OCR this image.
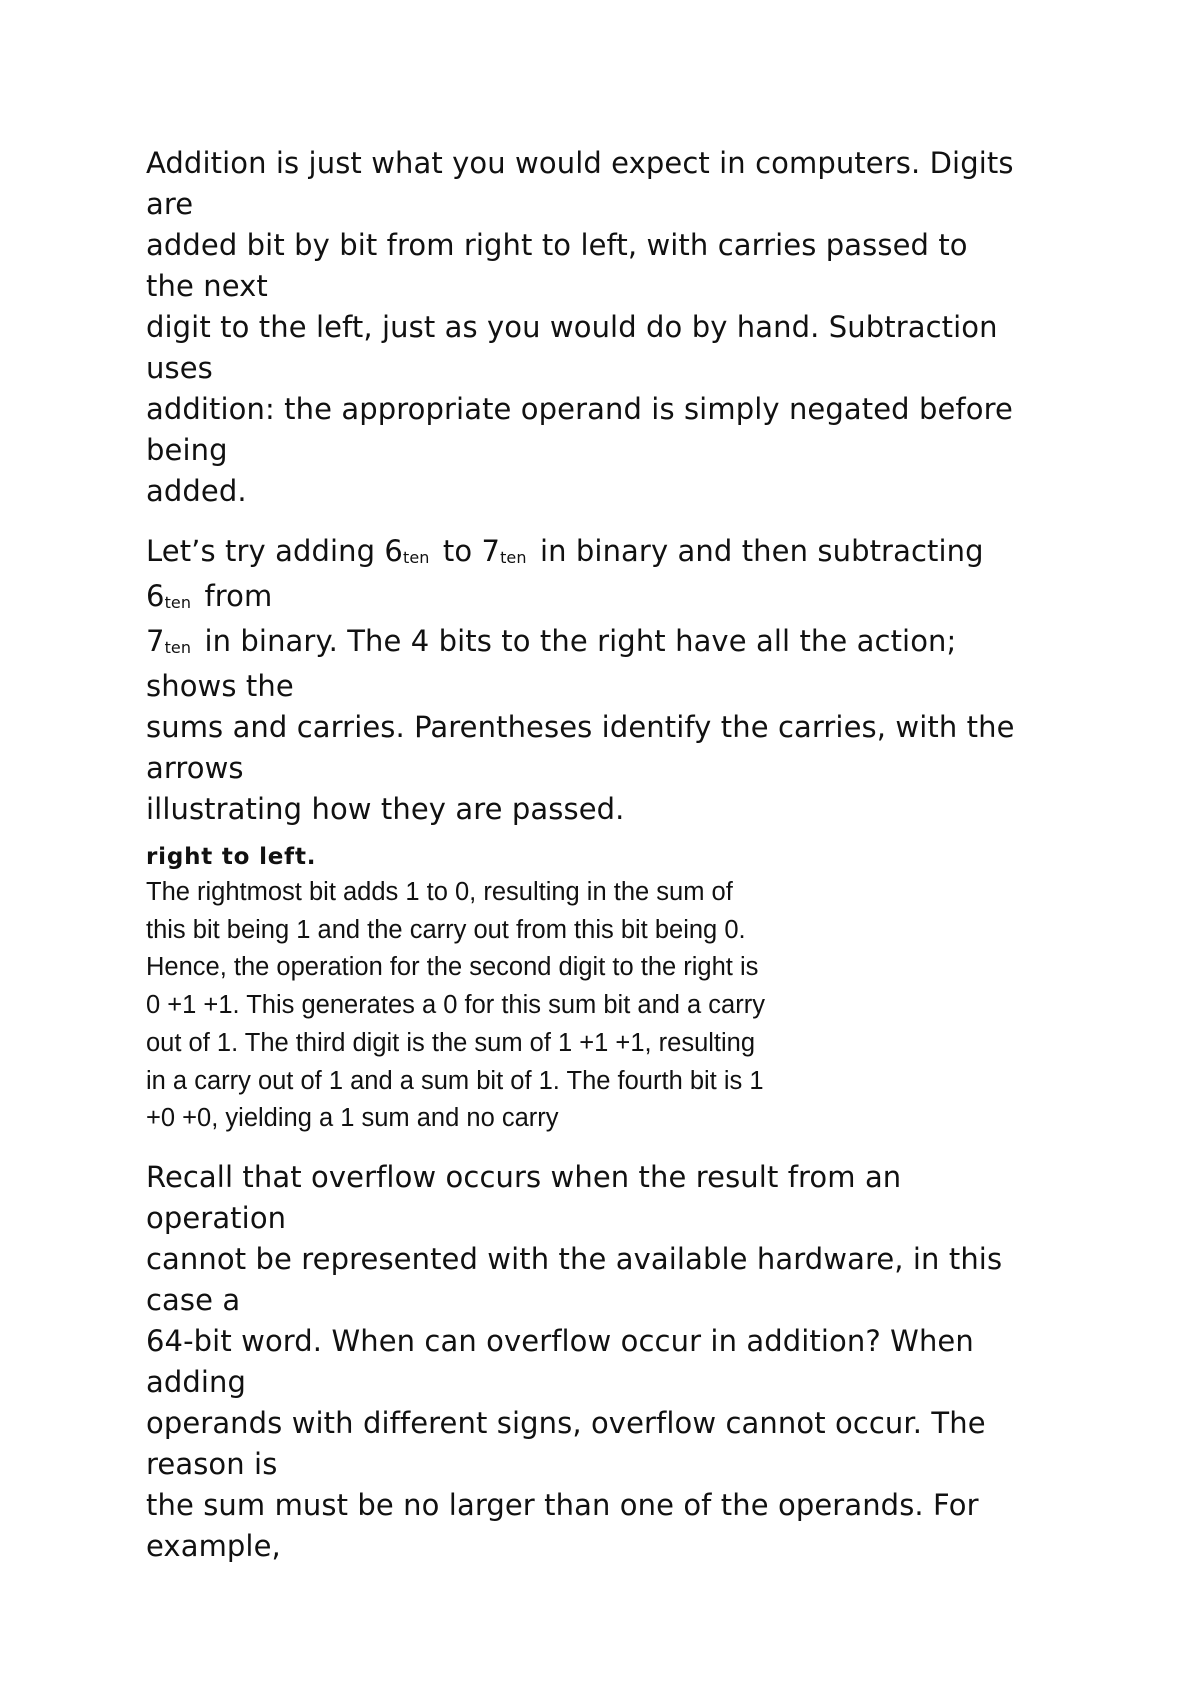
Addition is just what you would expect in computers. Digits
are
added bit by bit from right to left, with carries passed to
the next
digit to the left, just as you would do by hand. Subtraction
uses
addition: the appropriate operand is simply negated before
being
added.
Let’s try adding 6ten to 7ten in binary and then subtracting
6ten from
7ten in binary. The 4 bits to the right have all the action;
shows the
sums and carries. Parentheses identify the carries, with the
arrows
illustrating how they are passed.
right to left.
The rightmost bit adds 1 to 0, resulting in the sum of
this bit being 1 and the carry out from this bit being 0.
Hence, the operation for the second digit to the right is
0 +1 +1. This generates a 0 for this sum bit and a carry
out of 1. The third digit is the sum of 1 +1 +1, resulting
in a carry out of 1 and a sum bit of 1. The fourth bit is 1
+0 +0, yielding a 1 sum and no carry
Recall that overflow occurs when the result from an
operation
cannot be represented with the available hardware, in this
case a
64-bit word. When can overflow occur in addition? When
adding
operands with different signs, overflow cannot occur. The
reason is
the sum must be no larger than one of the operands. For
example,
